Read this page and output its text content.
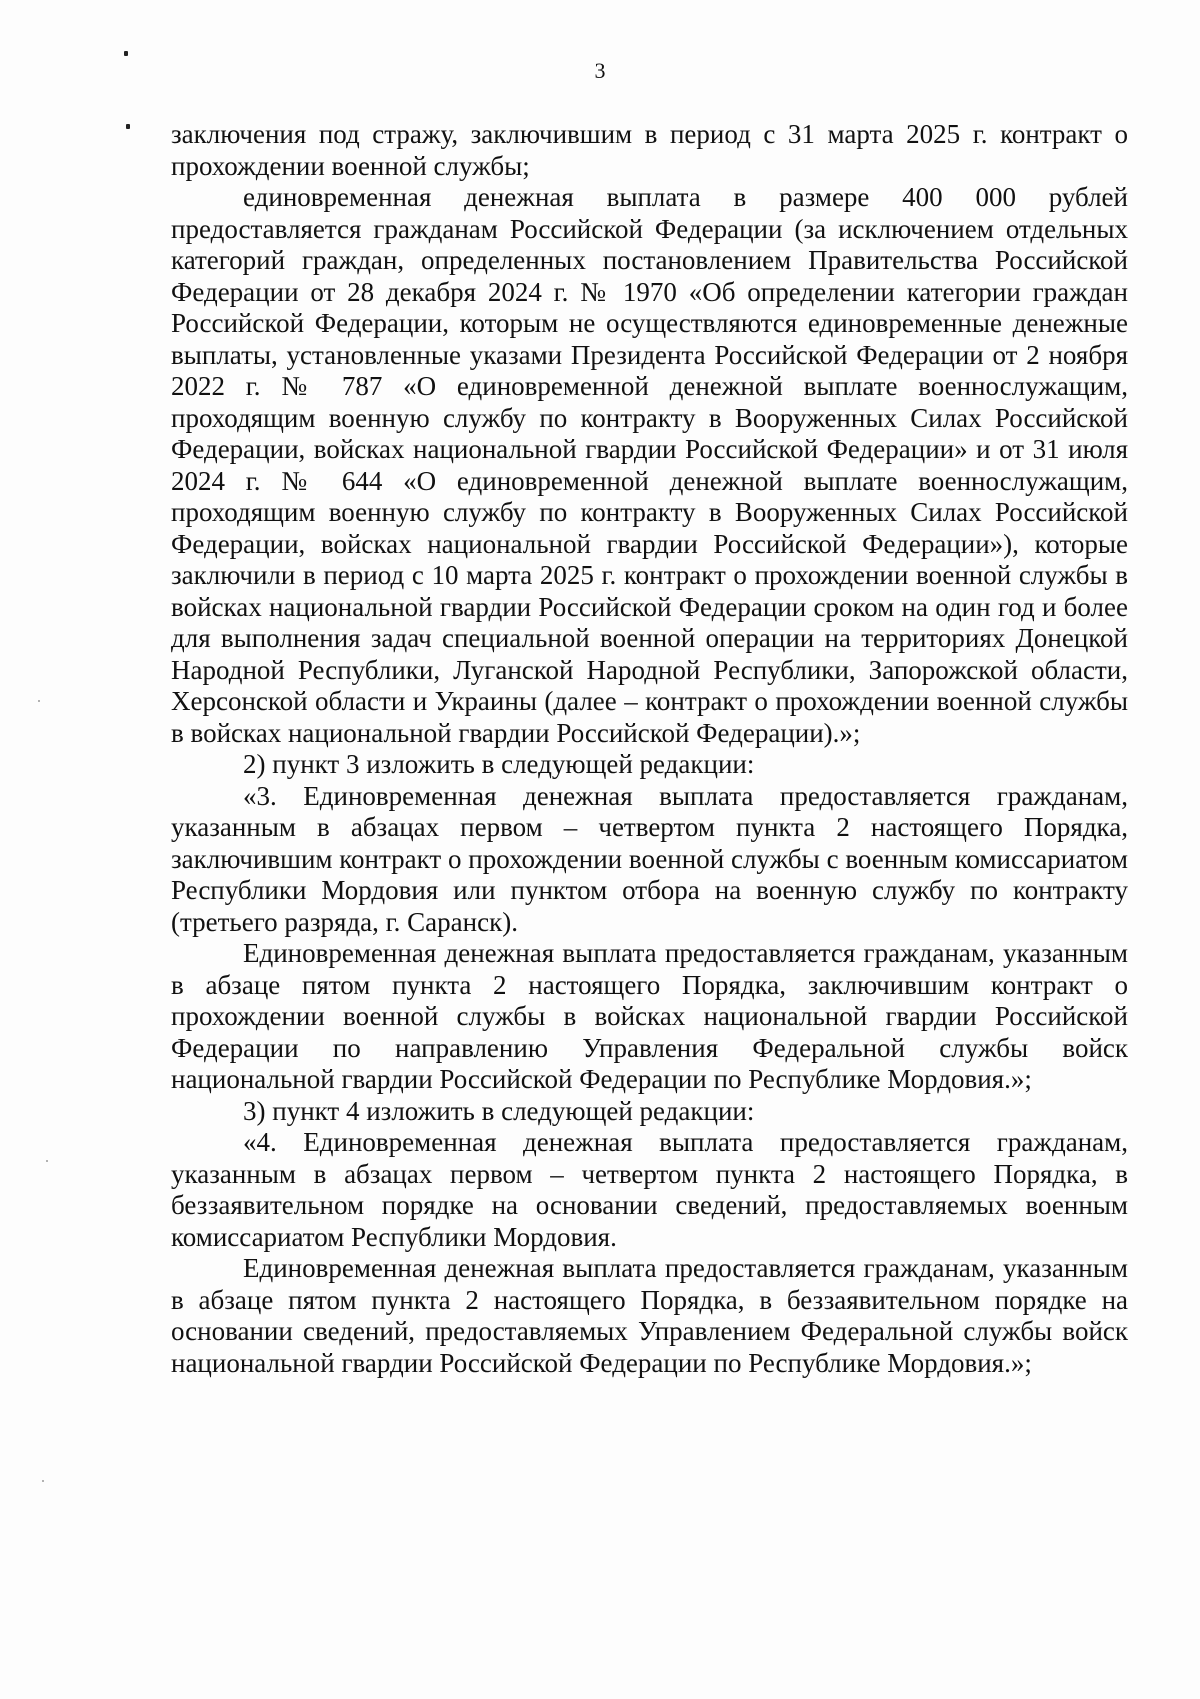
3

заключения под стражу, заключившим в период с 31 марта 2025 г. контракт о прохождении военной службы;

единовременная денежная выплата в размере 400 000 рублей предоставляется гражданам Российской Федерации (за исключением отдельных категорий граждан, определенных постановлением Правительства Российской Федерации от 28 декабря 2024 г. № 1970 «Об определении категории граждан Российской Федерации, которым не осуществляются единовременные денежные выплаты, установленные указами Президента Российской Федерации от 2 ноября 2022 г. № 787 «О единовременной денежной выплате военнослужащим, проходящим военную службу по контракту в Вооруженных Силах Российской Федерации, войсках национальной гвардии Российской Федерации» и от 31 июля 2024 г. № 644 «О единовременной денежной выплате военнослужащим, проходящим военную службу по контракту в Вооруженных Силах Российской Федерации, войсках национальной гвардии Российской Федерации»), которые заключили в период с 10 марта 2025 г. контракт о прохождении военной службы в войсках национальной гвардии Российской Федерации сроком на один год и более для выполнения задач специальной военной операции на территориях Донецкой Народной Республики, Луганской Народной Республики, Запорожской области, Херсонской области и Украины (далее – контракт о прохождении военной службы в войсках национальной гвардии Российской Федерации).»;

2) пункт 3 изложить в следующей редакции:

«3. Единовременная денежная выплата предоставляется гражданам, указанным в абзацах первом – четвертом пункта 2 настоящего Порядка, заключившим контракт о прохождении военной службы с военным комиссариатом Республики Мордовия или пунктом отбора на военную службу по контракту (третьего разряда, г. Саранск).

Единовременная денежная выплата предоставляется гражданам, указанным в абзаце пятом пункта 2 настоящего Порядка, заключившим контракт о прохождении военной службы в войсках национальной гвардии Российской Федерации по направлению Управления Федеральной службы войск национальной гвардии Российской Федерации по Республике Мордовия.»;

3) пункт 4 изложить в следующей редакции:

«4. Единовременная денежная выплата предоставляется гражданам, указанным в абзацах первом – четвертом пункта 2 настоящего Порядка, в беззаявительном порядке на основании сведений, предоставляемых военным комиссариатом Республики Мордовия.

Единовременная денежная выплата предоставляется гражданам, указанным в абзаце пятом пункта 2 настоящего Порядка, в беззаявительном порядке на основании сведений, предоставляемых Управлением Федеральной службы войск национальной гвардии Российской Федерации по Республике Мордовия.»;
